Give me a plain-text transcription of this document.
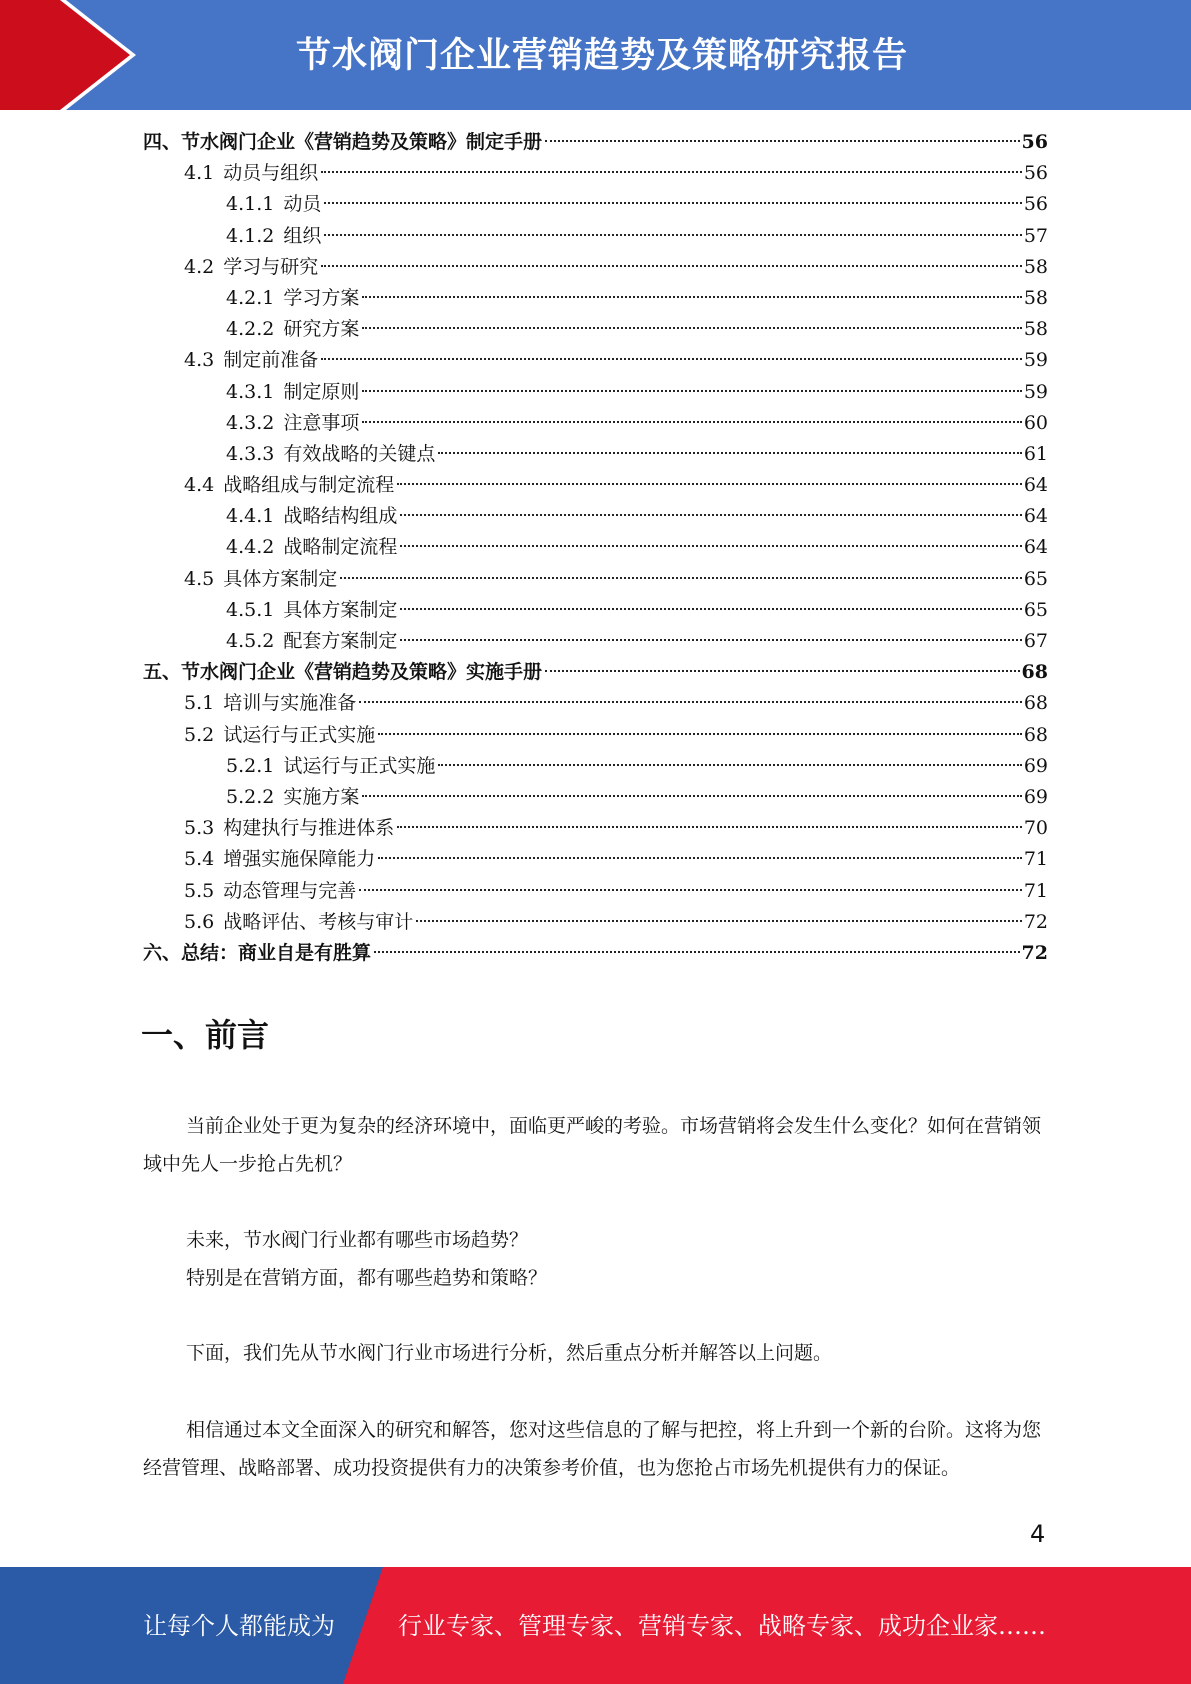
节水阀门企业营销趋势及策略研究报告
四、节水阀门企业《营销趋势及策略》制定手册	56
4.1 动员与组织	56
4.1.1 动员	56
4.1.2 组织	57
4.2 学习与研究	58
4.2.1 学习方案	58
4.2.2 研究方案	58
4.3 制定前准备	59
4.3.1 制定原则	59
4.3.2 注意事项	60
4.3.3 有效战略的关键点	61
4.4 战略组成与制定流程	64
4.4.1 战略结构组成	64
4.4.2 战略制定流程	64
4.5 具体方案制定	65
4.5.1 具体方案制定	65
4.5.2 配套方案制定	67
五、节水阀门企业《营销趋势及策略》实施手册	68
5.1 培训与实施准备	68
5.2 试运行与正式实施	68
5.2.1 试运行与正式实施	69
5.2.2 实施方案	69
5.3 构建执行与推进体系	70
5.4 增强实施保障能力	71
5.5 动态管理与完善	71
5.6 战略评估、考核与审计	72
六、总结：商业自是有胜算	72
一、前言

当前企业处于更为复杂的经济环境中，面临更严峻的考验。市场营销将会发生什么变化？如何在营销领域中先人一步抢占先机？

未来，节水阀门行业都有哪些市场趋势？

特别是在营销方面，都有哪些趋势和策略？

下面，我们先从节水阀门行业市场进行分析，然后重点分析并解答以上问题。

相信通过本文全面深入的研究和解答，您对这些信息的了解与把控，将上升到一个新的台阶。这将为您经营管理、战略部署、成功投资提供有力的决策参考价值，也为您抢占市场先机提供有力的保证。

4
让每个人都能成为	行业专家、管理专家、营销专家、战略专家、成功企业家……
